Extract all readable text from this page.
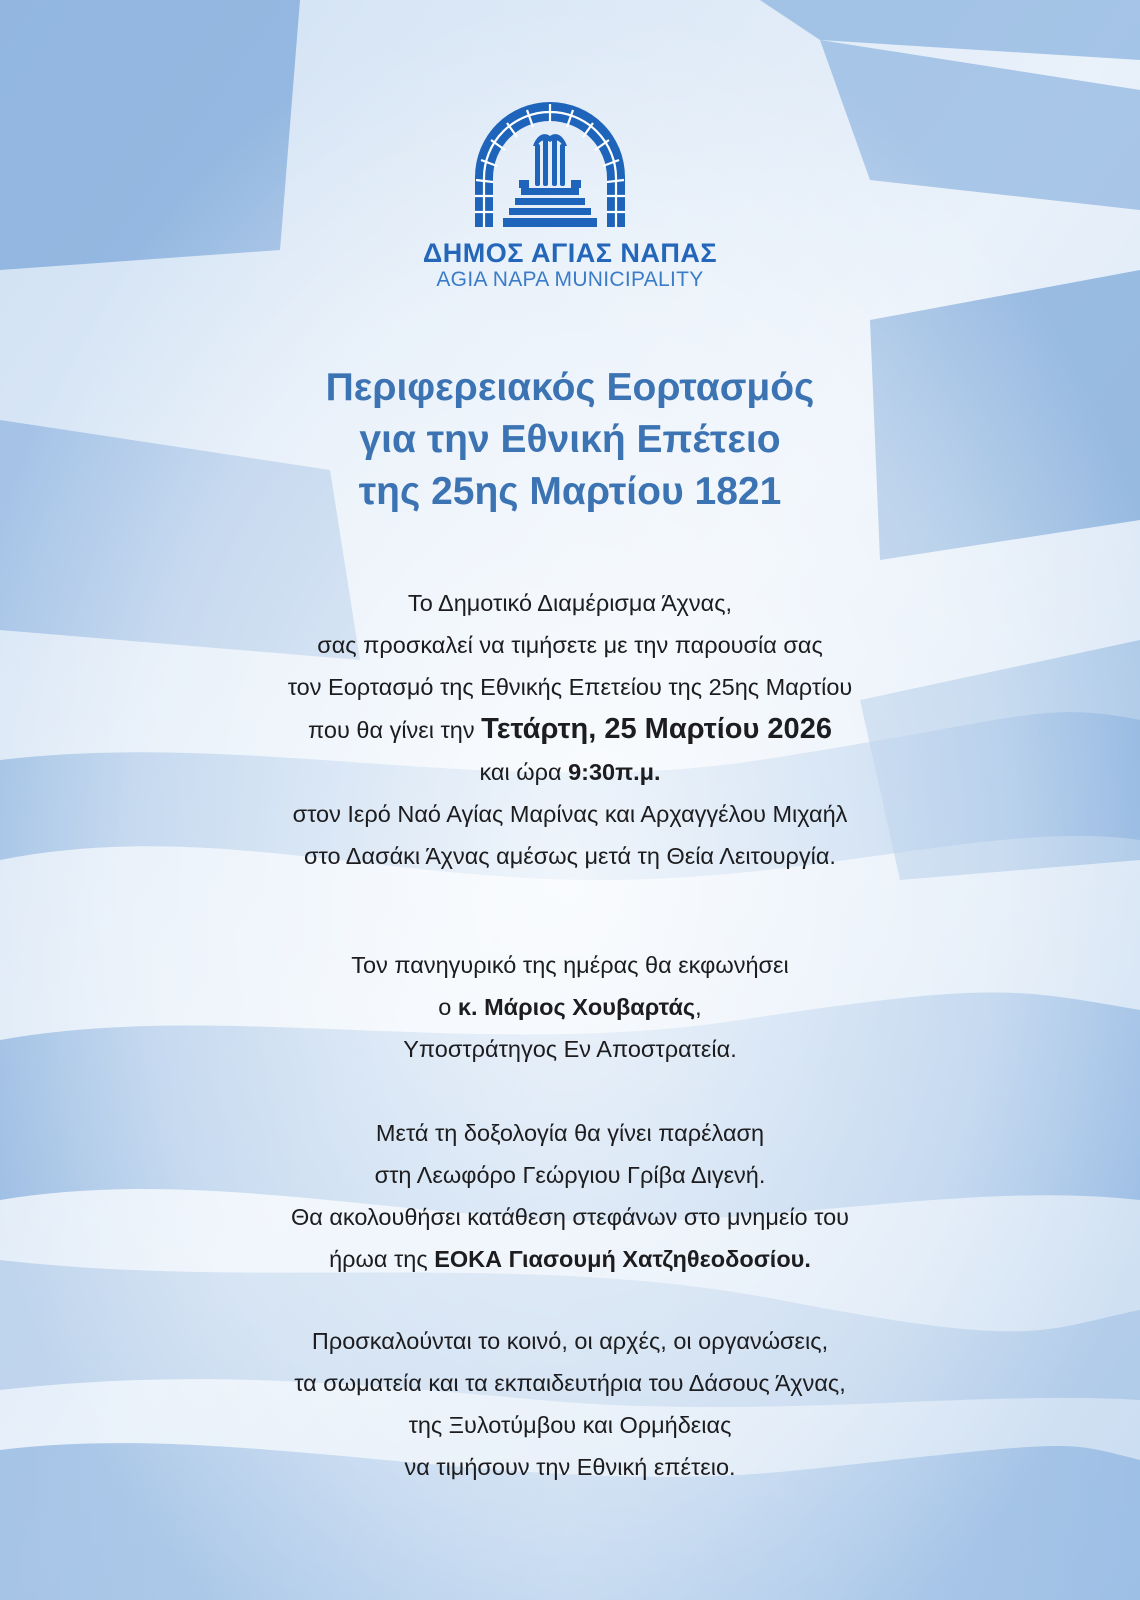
ΔΗΜΟΣ ΑΓΙΑΣ ΝΑΠΑΣ
AGIA NAPA MUNICIPALITY
Περιφερειακός Εορτασμός
για την Εθνική Επέτειο
της 25ης Μαρτίου 1821
Το Δημοτικό Διαμέρισμα Άχνας,
σας προσκαλεί να τιμήσετε με την παρουσία σας
τον Εορτασμό της Εθνικής Επετείου της 25ης Μαρτίου
που θα γίνει την Τετάρτη, 25 Μαρτίου 2026
και ώρα 9:30π.μ.
στον Ιερό Ναό Αγίας Μαρίνας και Αρχαγγέλου Μιχαήλ
στο Δασάκι Άχνας αμέσως μετά τη Θεία Λειτουργία.
Τον πανηγυρικό της ημέρας θα εκφωνήσει
ο κ. Μάριος Χουβαρτάς,
Υποστράτηγος Εν Αποστρατεία.
Μετά τη δοξολογία θα γίνει παρέλαση
στη Λεωφόρο Γεώργιου Γρίβα Διγενή.
Θα ακολουθήσει κατάθεση στεφάνων στο μνημείο του
ήρωα της ΕΟΚΑ Γιασουμή Χατζηθεοδοσίου.
Προσκαλούνται το κοινό, οι αρχές, οι οργανώσεις,
τα σωματεία και τα εκπαιδευτήρια του Δάσους Άχνας,
της Ξυλοτύμβου και Ορμήδειας
να τιμήσουν την Εθνική επέτειο.
